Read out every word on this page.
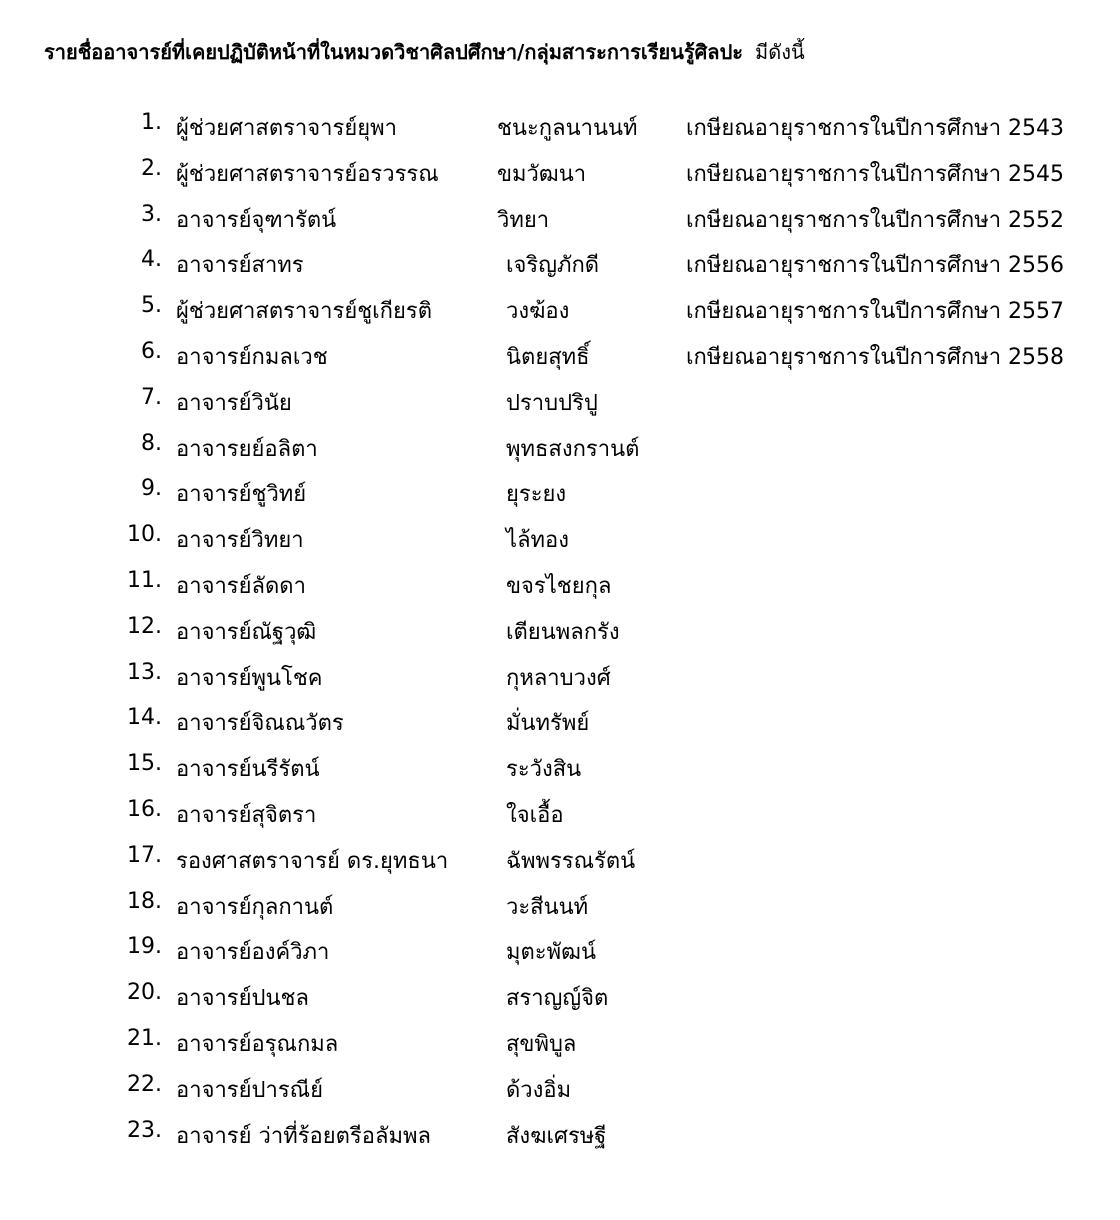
รายชื่ออาจารย์ที่เคยปฏิบัติหน้าที่ในหมวดวิชาศิลปศึกษา/กลุ่มสาระการเรียนรู้ศิลปะ มีดังนี้
1. ผู้ช่วยศาสตราจารย์ยุพา	ชนะกูลนานนท์ เกษียณอายุราชการในปีการศึกษา 2543
2. ผู้ช่วยศาสตราจารย์อรวรรณ	ขมวัฒนา	เกษียณอายุราชการในปีการศึกษา 2545
3. อาจารย์จุฑารัตน์	วิทยา	เกษียณอายุราชการในปีการศึกษา 2552
4. อาจารย์สาทร	เจริญภักดี	เกษียณอายุราชการในปีการศึกษา 2556
5. ผู้ช่วยศาสตราจารย์ชูเกียรติ	วงฆ้อง	เกษียณอายุราชการในปีการศึกษา 2557
6. อาจารย์กมลเวช	นิตยสุทธิ์	เกษียณอายุราชการในปีการศึกษา 2558
7. อาจารย์วินัย	ปราบปริปู
8. อาจารยย์อลิตา	พุทธสงกรานต์
9. อาจารย์ชูวิทย์	ยุระยง
10. อาจารย์วิทยา	ไล้ทอง
11. อาจารย์ลัดดา	ขจรไชยกุล
12. อาจารย์ณัฐวุฒิ	เตียนพลกรัง
13. อาจารย์พูนโชค	กุหลาบวงศ์
14. อาจารย์จิณณวัตร	มั่นทรัพย์
15. อาจารย์นรีรัตน์	ระวังสิน
16. อาจารย์สุจิตรา	ใจเอื้อ
17. รองศาสตราจารย์ ดร.ยุทธนา	ฉัพพรรณรัตน์
18. อาจารย์กุลกานต์	วะสีนนท์
19. อาจารย์องค์วิภา	มุตะพัฒน์
20. อาจารย์ปนชล	สราญญ์จิต
21. อาจารย์อรุณกมล	สุขพิบูล
22. อาจารย์ปารณีย์	ด้วงอิ่ม
23. อาจารย์ ว่าที่ร้อยตรีอลัมพล	สังฆเศรษฐี
